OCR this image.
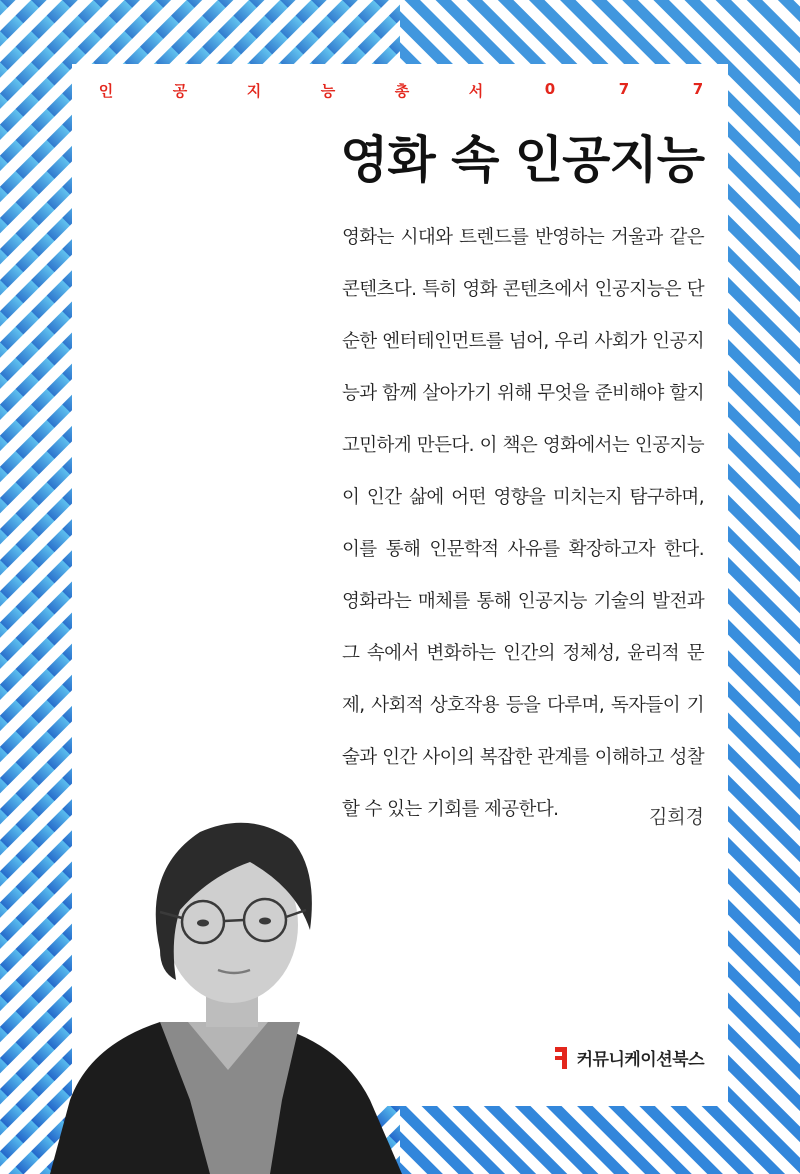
인	공	지	능	총	서	0	7	7
영화 속 인공지능

영화는 시대와 트렌드를 반영하는 거울과 같은 콘텐츠다. 특히 영화 콘텐츠에서 인공지능은 단순한 엔터테인먼트를 넘어, 우리 사회가 인공지능과 함께 살아가기 위해 무엇을 준비해야 할지 고민하게 만든다. 이 책은 영화에서는 인공지능이 인간 삶에 어떤 영향을 미치는지 탐구하며, 이를 통해 인문학적 사유를 확장하고자 한다. 영화라는 매체를 통해 인공지능 기술의 발전과 그 속에서 변화하는 인간의 정체성, 윤리적 문제, 사회적 상호작용 등을 다루며, 독자들이 기술과 인간 사이의 복잡한 관계를 이해하고 성찰할 수 있는 기회를 제공한다.	김희경
커뮤니케이션북스
